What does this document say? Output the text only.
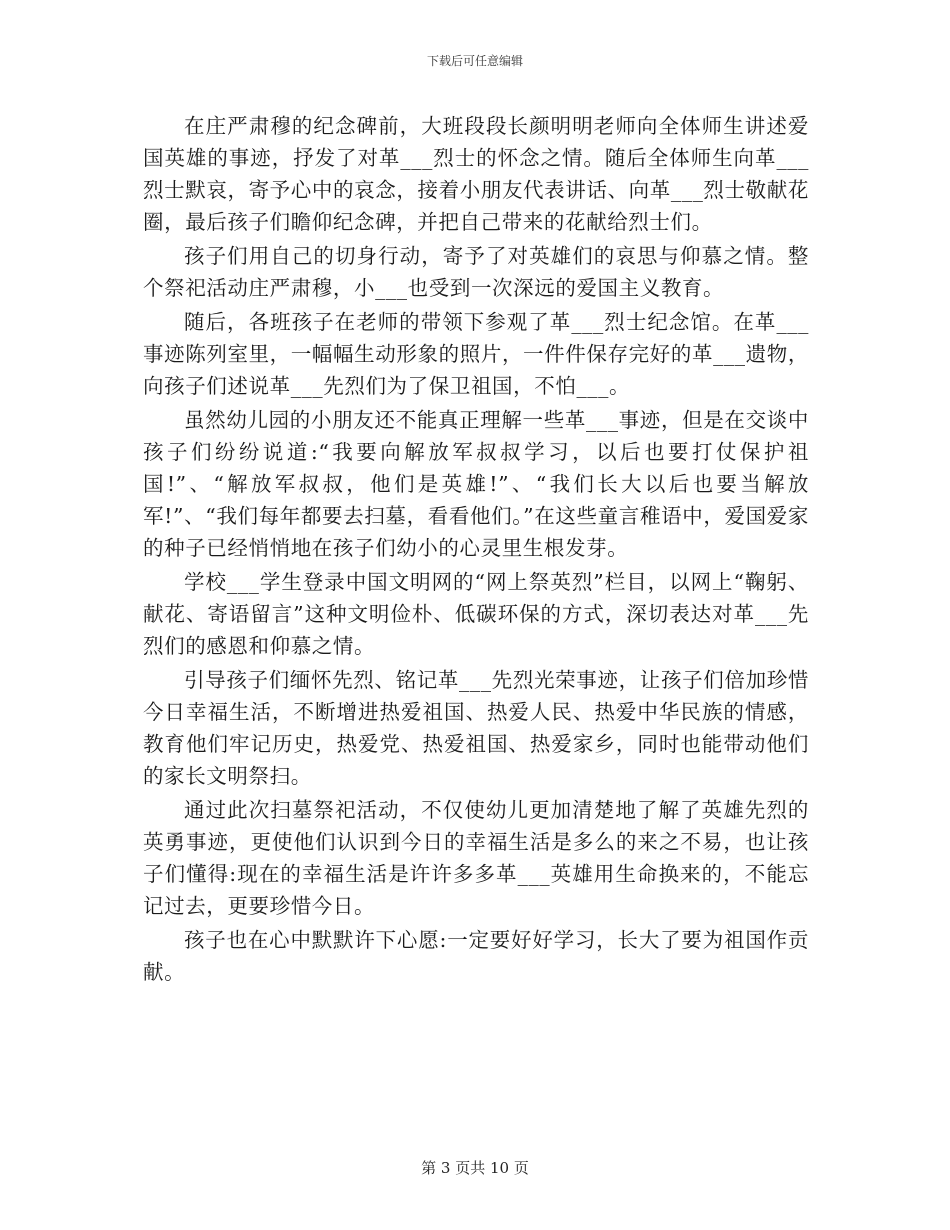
下载后可任意编辑

在庄严肃穆的纪念碑前，大班段段长颜明明老师向全体师生讲述爱国英雄的事迹，抒发了对革___烈士的怀念之情。随后全体师生向革___烈士默哀，寄予心中的哀念，接着小朋友代表讲话、向革___烈士敬献花圈，最后孩子们瞻仰纪念碑，并把自己带来的花献给烈士们。

孩子们用自己的切身行动，寄予了对英雄们的哀思与仰慕之情。整个祭祀活动庄严肃穆，小___也受到一次深远的爱国主义教育。

随后，各班孩子在老师的带领下参观了革___烈士纪念馆。在革___事迹陈列室里，一幅幅生动形象的照片，一件件保存完好的革___遗物，向孩子们述说革___先烈们为了保卫祖国，不怕___。

虽然幼儿园的小朋友还不能真正理解一些革___事迹，但是在交谈中孩子们纷纷说道:“我要向解放军叔叔学习，以后也要打仗保护祖国!”、“解放军叔叔，他们是英雄!”、“我们长大以后也要当解放军!”、“我们每年都要去扫墓，看看他们。”在这些童言稚语中，爱国爱家的种子已经悄悄地在孩子们幼小的心灵里生根发芽。

学校___学生登录中国文明网的“网上祭英烈”栏目，以网上“鞠躬、献花、寄语留言”这种文明俭朴、低碳环保的方式，深切表达对革___先烈们的感恩和仰慕之情。

引导孩子们缅怀先烈、铭记革___先烈光荣事迹，让孩子们倍加珍惜今日幸福生活，不断增进热爱祖国、热爱人民、热爱中华民族的情感，教育他们牢记历史，热爱党、热爱祖国、热爱家乡，同时也能带动他们的家长文明祭扫。

通过此次扫墓祭祀活动，不仅使幼儿更加清楚地了解了英雄先烈的英勇事迹，更使他们认识到今日的幸福生活是多么的来之不易，也让孩子们懂得:现在的幸福生活是许许多多革___英雄用生命换来的，不能忘记过去，更要珍惜今日。

孩子也在心中默默许下心愿:一定要好好学习，长大了要为祖国作贡献。

第 3 页共 10 页
